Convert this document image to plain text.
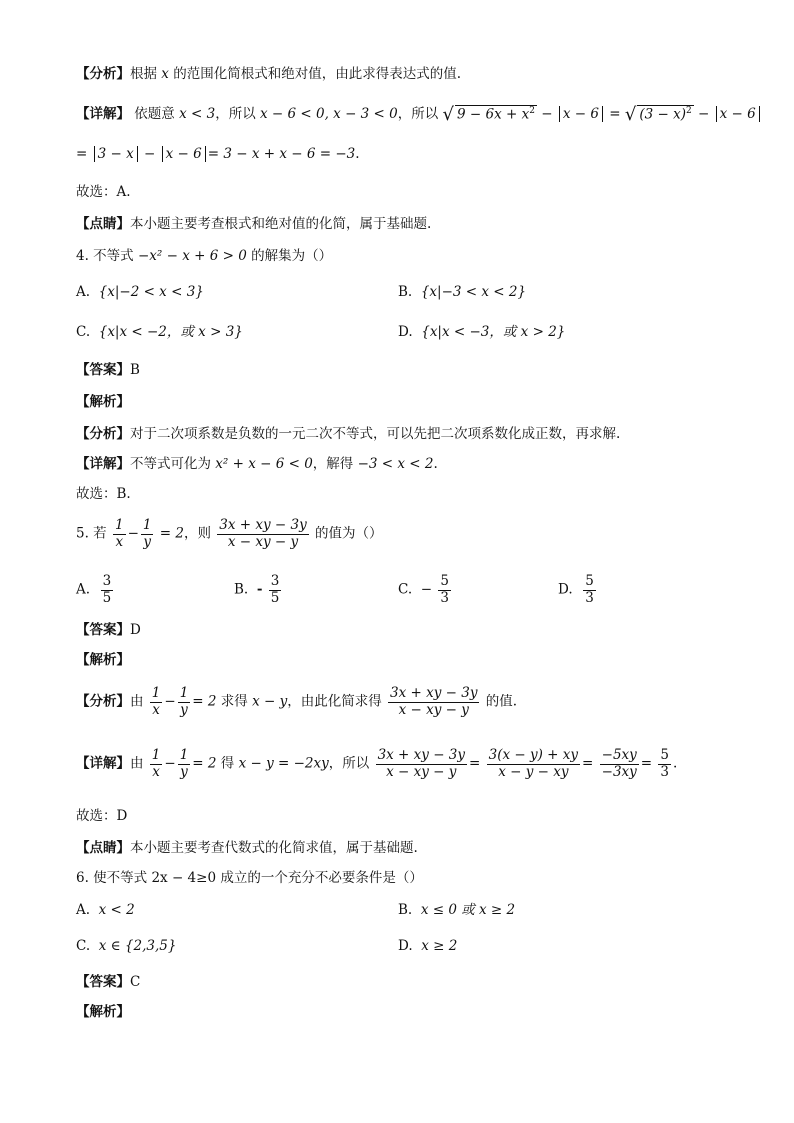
【分析】根据 x 的范围化简根式和绝对值，由此求得表达式的值.
【详解】 依题意 x < 3，所以 x − 6 < 0, x − 3 < 0，所以 √ $9 - 6x + x^2 - x - 6$ = √ $(3 - x)^2 - x - 6$
= 3 − x − x − 6 = 3 − x + x − 6 = −3.
故选：A.
【点睛】本小题主要考查根式和绝对值的化简，属于基础题.
4. 不等式 −x² − x + 6 > 0 的解集为（）
A. {x|−2 < x < 3}	B. {x|−3 < x < 2}
C. {x|x < −2，或 x > 3}	D. {x|x < −3，或 x > 2}
【答案】B
【解析】
【分析】对于二次项系数是负数的一元二次不等式，可以先把二次项系数化成正数，再求解.
【详解】不等式可化为 x² + x − 6 < 0，解得 −3 < x < 2.
故选：B.
5. 若 $\frac{1}{x} - \frac{1}{y} = 2$，则 $\frac{3x + xy - 3y}{x - xy - y}$ 的值为（）
A. $\frac{3}{5}$	B. - $\frac{3}{5}$	C. − $\frac{5}{3}$	D. $\frac{5}{3}$
【答案】D
【解析】
【分析】由 $\frac{1}{x} - \frac{1}{y} = 2$ 求得 x − y，由此化简求得 $\frac{3x + xy - 3y}{x - xy - y}$ 的值.
【详解】由 $\frac{1}{x} - \frac{1}{y} = 2$ 得 x − y = −2xy，所以 $\frac{3x + xy - 3y}{x - xy - y} = \frac{3(x - y) + xy}{x - y - xy} = \frac{-5xy}{-3xy} = \frac{5}{3}$ .
故选：D
【点睛】本小题主要考查代数式的化简求值，属于基础题.
6. 使不等式 2x − 4≥0 成立的一个充分不必要条件是（）
A. x < 2	B. x ≤ 0 或 x ≥ 2
C. x ∈ {2,3,5}	D. x ≥ 2
【答案】C
【解析】
